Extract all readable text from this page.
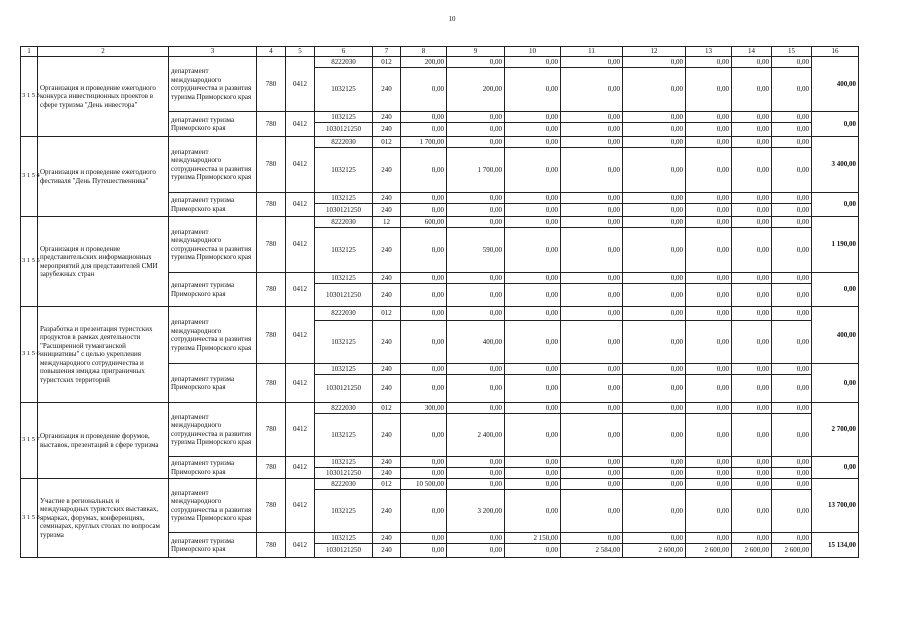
10
1	2	3	4	5	6	7	8	9	10	11	12	13	14	15	16
3153	Организация и проведение ежегодного конкурса инвестиционных проектов в сфере туризма "День инвестора"	департамент международного сотрудничества и развития туризма Приморского края	780	0412	8222030	012	200,00	0,00	0,00	0,00	0,00	0,00	0,00	0,00	400,00
					1032125	240	0,00	200,00	0,00	0,00	0,00	0,00	0,00	0,00	
		департамент туризма Приморского края	780	0412	1032125	240	0,00	0,00	0,00	0,00	0,00	0,00	0,00	0,00	0,00
					1030121250	240	0,00	0,00	0,00	0,00	0,00	0,00	0,00	0,00	
3154	Организация и проведение ежегодного фестиваля "День Путешественника"	департамент международного сотрудничества и развития туризма Приморского края	780	0412	8222030	012	1 700,00	0,00	0,00	0,00	0,00	0,00	0,00	0,00	3 400,00
					1032125	240	0,00	1 700,00	0,00	0,00	0,00	0,00	0,00	0,00	
		департамент туризма Приморского края	780	0412	1032125	240	0,00	0,00	0,00	0,00	0,00	0,00	0,00	0,00	0,00
					1030121250	240	0,00	0,00	0,00	0,00	0,00	0,00	0,00	0,00	
3155	Организация и проведение представительских информационных мероприятий для представителей СМИ зарубежных стран	департамент международного сотрудничества и развития туризма Приморского края	780	0412	8222030	12	600,00	0,00	0,00	0,00	0,00	0,00	0,00	0,00	1 190,00
					1032125	240	0,00	590,00	0,00	0,00	0,00	0,00	0,00	0,00	
		департамент туризма Приморского края	780	0412	1032125	240	0,00	0,00	0,00	0,00	0,00	0,00	0,00	0,00	0,00
					1030121250	240	0,00	0,00	0,00	0,00	0,00	0,00	0,00	0,00	
3156	Разработка и презентация туристских продуктов в рамках деятельности "Расширенной туманганской инициативы" с целью укрепления международного сотрудничества и повышения имиджа приграничных туристских территорий	департамент международного сотрудничества и развития туризма Приморского края	780	0412	8222030	012	0,00	0,00	0,00	0,00	0,00	0,00	0,00	0,00	400,00
					1032125	240	0,00	400,00	0,00	0,00	0,00	0,00	0,00	0,00	
		департамент туризма Приморского края	780	0412	1032125	240	0,00	0,00	0,00	0,00	0,00	0,00	0,00	0,00	0,00
					1030121250	240	0,00	0,00	0,00	0,00	0,00	0,00	0,00	0,00	
3157	Организация и проведение форумов, выставок, презентаций в сфере туризма	департамент международного сотрудничества и развития туризма Приморского края	780	0412	8222030	012	300,00	0,00	0,00	0,00	0,00	0,00	0,00	0,00	2 700,00
					1032125	240	0,00	2 400,00	0,00	0,00	0,00	0,00	0,00	0,00	
		департамент туризма Приморского края	780	0412	1032125	240	0,00	0,00	0,00	0,00	0,00	0,00	0,00	0,00	0,00
					1030121250	240	0,00	0,00	0,00	0,00	0,00	0,00	0,00	0,00	
3158.	Участие в региональных и международных туристских выставках, ярмарках, форумах, конференциях, семинарах, круглых столах по вопросам туризма	департамент международного сотрудничества и развития туризма Приморского края	780	0412	8222030	012	10 500,00	0,00	0,00	0,00	0,00	0,00	0,00	0,00	13 700,00
					1032125	240	0,00	3 200,00	0,00	0,00	0,00	0,00	0,00	0,00	
		департамент туризма Приморского края	780	0412	1032125	240	0,00	0,00	2 150,00	0,00	0,00	0,00	0,00	0,00	15 134,00
					1030121250	240	0,00	0,00	0,00	2 584,00	2 600,00	2 600,00	2 600,00	2 600,00	
